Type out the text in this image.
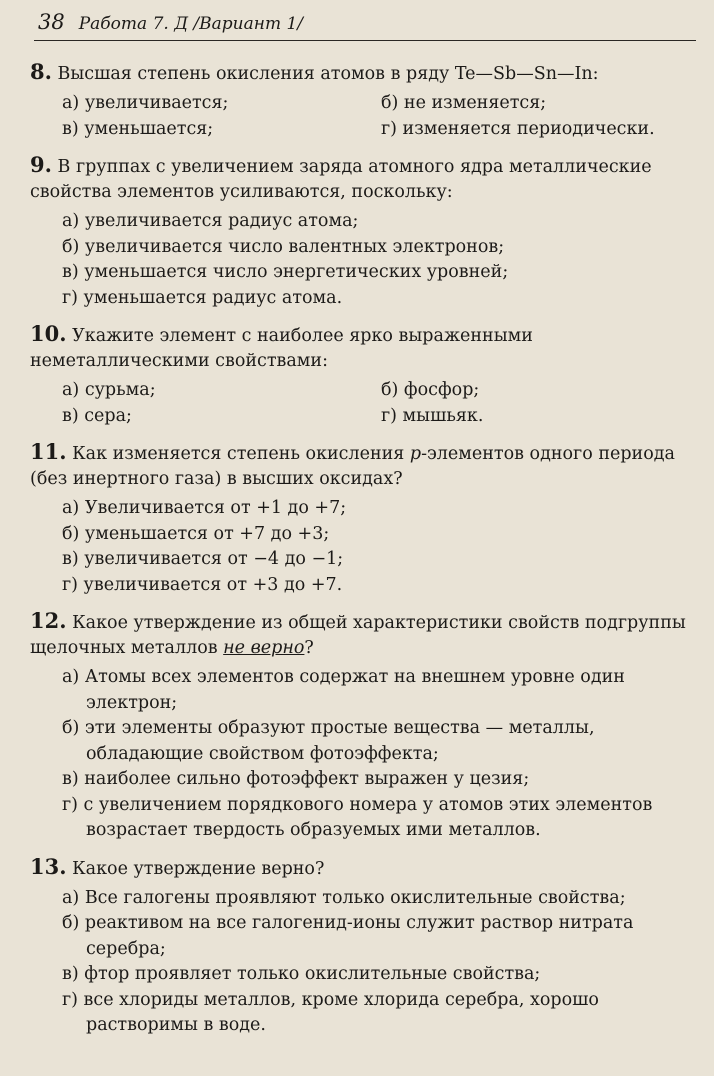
38 Работа 7. Д /Вариант 1/

8. Высшая степень окисления атомов в ряду Te—Sb—Sn—In:

а) увеличивается;	б) не изменяется;
в) уменьшается;	г) изменяется периодически.

9. В группах с увеличением заряда атомного ядра металлические свойства элементов усиливаются, поскольку:

а) увеличивается радиус атома;
б) увеличивается число валентных электронов;
в) уменьшается число энергетических уровней;
г) уменьшается радиус атома.

10. Укажите элемент с наиболее ярко выраженными неметаллическими свойствами:

а) сурьма;	б) фосфор;
в) сера;	г) мышьяк.

11. Как изменяется степень окисления p-элементов одного периода (без инертного газа) в высших оксидах?

а) Увеличивается от +1 до +7;
б) уменьшается от +7 до +3;
в) увеличивается от −4 до −1;
г) увеличивается от +3 до +7.

12. Какое утверждение из общей характеристики свойств подгруппы щелочных металлов не верно?

а) Атомы всех элементов содержат на внешнем уровне один электрон;
б) эти элементы образуют простые вещества — металлы, обладающие свойством фотоэффекта;
в) наиболее сильно фотоэффект выражен у цезия;
г) с увеличением порядкового номера у атомов этих элементов возрастает твердость образуемых ими металлов.

13. Какое утверждение верно?

а) Все галогены проявляют только окислительные свойства;
б) реактивом на все галогенид-ионы служит раствор нитрата серебра;
в) фтор проявляет только окислительные свойства;
г) все хлориды металлов, кроме хлорида серебра, хорошо растворимы в воде.
